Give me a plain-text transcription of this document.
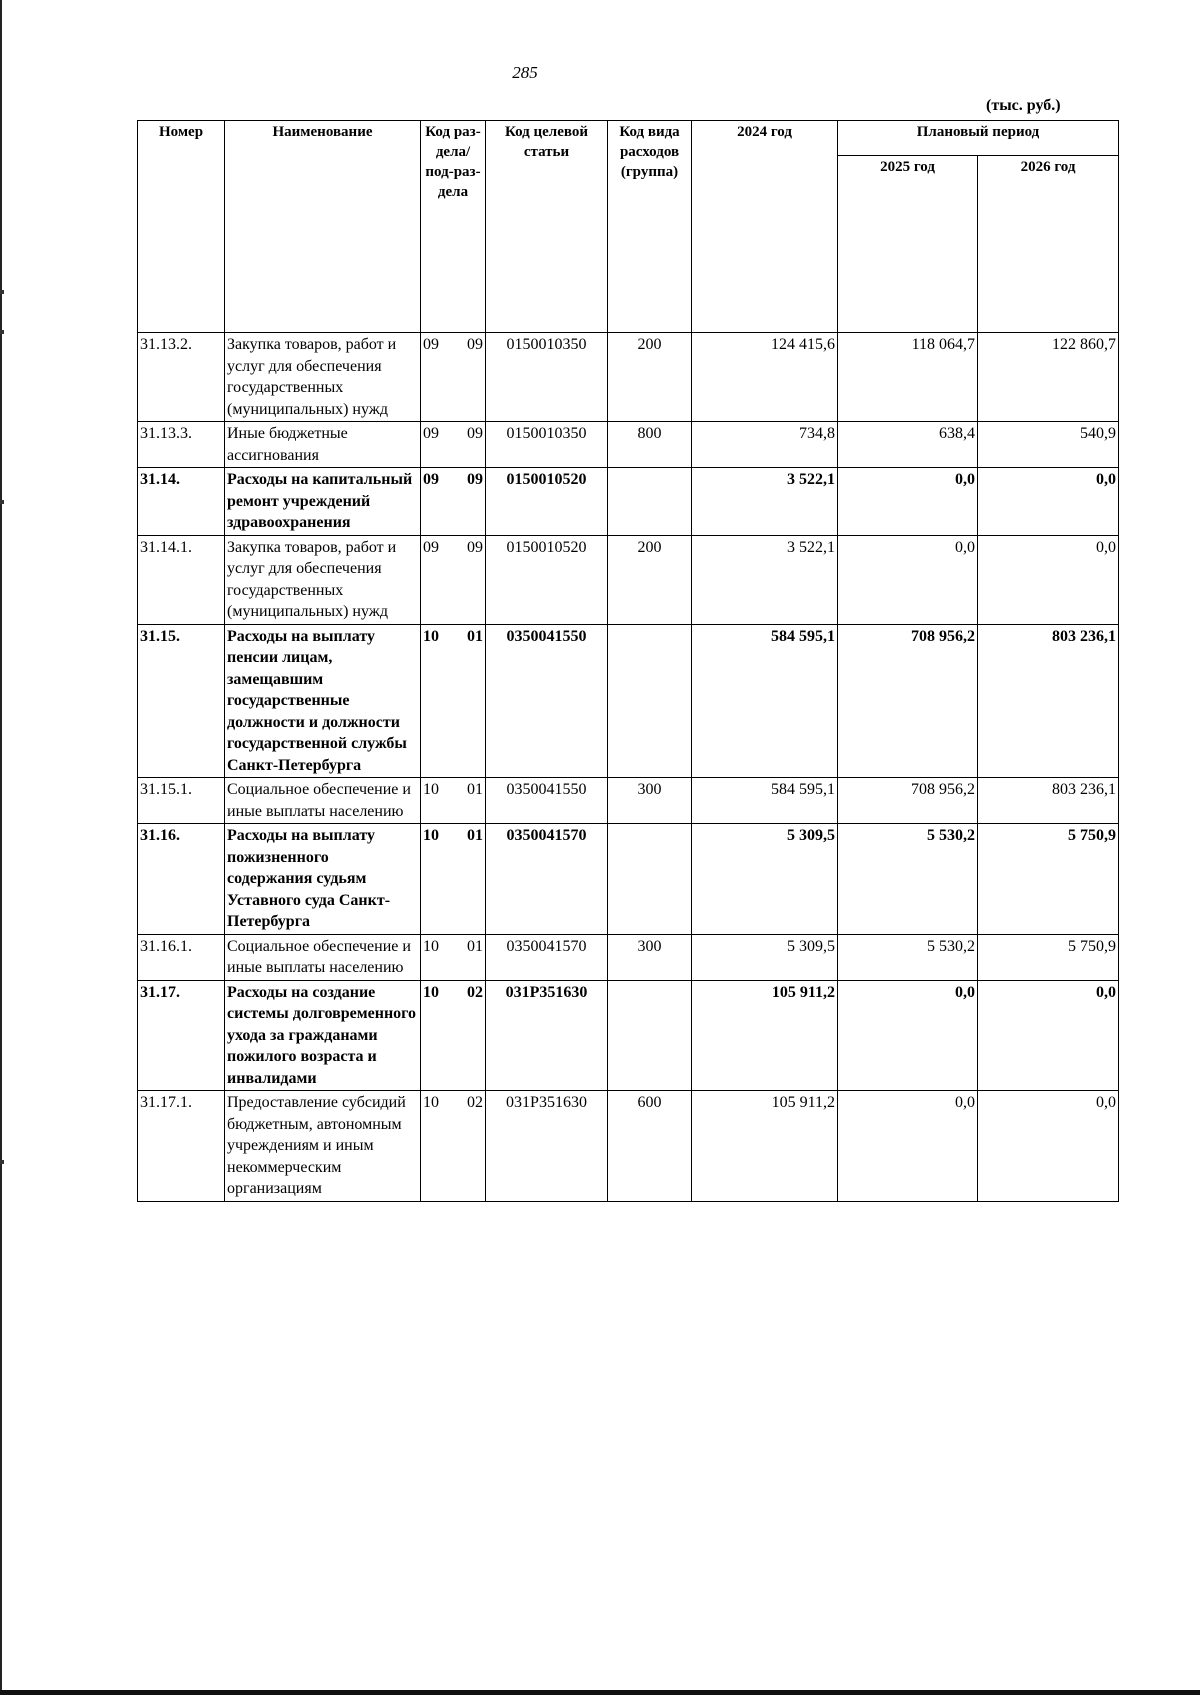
285
(тыс. руб.)
Номер	Наименование	Код раз-дела/ под-раз-дела	Код целевой статьи	Код вида расходов (группа)	2024 год	Плановый период	
						2025 год	2026 год
31.13.2.	Закупка товаров, работ и услуг для обеспечения государственных (муниципальных) нужд	09 09	0150010350	200	124 415,6	118 064,7	122 860,7
31.13.3.	Иные бюджетные ассигнования	09 09	0150010350	800	734,8	638,4	540,9
31.14.	Расходы на капитальный ремонт учреждений здравоохранения	09 09	0150010520		3 522,1	0,0	0,0
31.14.1.	Закупка товаров, работ и услуг для обеспечения государственных (муниципальных) нужд	09 09	0150010520	200	3 522,1	0,0	0,0
31.15.	Расходы на выплату пенсии лицам, замещавшим государственные должности и должности государственной службы Санкт-Петербурга	10 01	0350041550		584 595,1	708 956,2	803 236,1
31.15.1.	Социальное обеспечение и иные выплаты населению	10 01	0350041550	300	584 595,1	708 956,2	803 236,1
31.16.	Расходы на выплату пожизненного содержания судьям Уставного суда Санкт-Петербурга	10 01	0350041570		5 309,5	5 530,2	5 750,9
31.16.1.	Социальное обеспечение и иные выплаты населению	10 01	0350041570	300	5 309,5	5 530,2	5 750,9
31.17.	Расходы на создание системы долговременного ухода за гражданами пожилого возраста и инвалидами	10 02	031P351630		105 911,2	0,0	0,0
31.17.1.	Предоставление субсидий бюджетным, автономным учреждениям и иным некоммерческим организациям	10 02	031P351630	600	105 911,2	0,0	0,0
